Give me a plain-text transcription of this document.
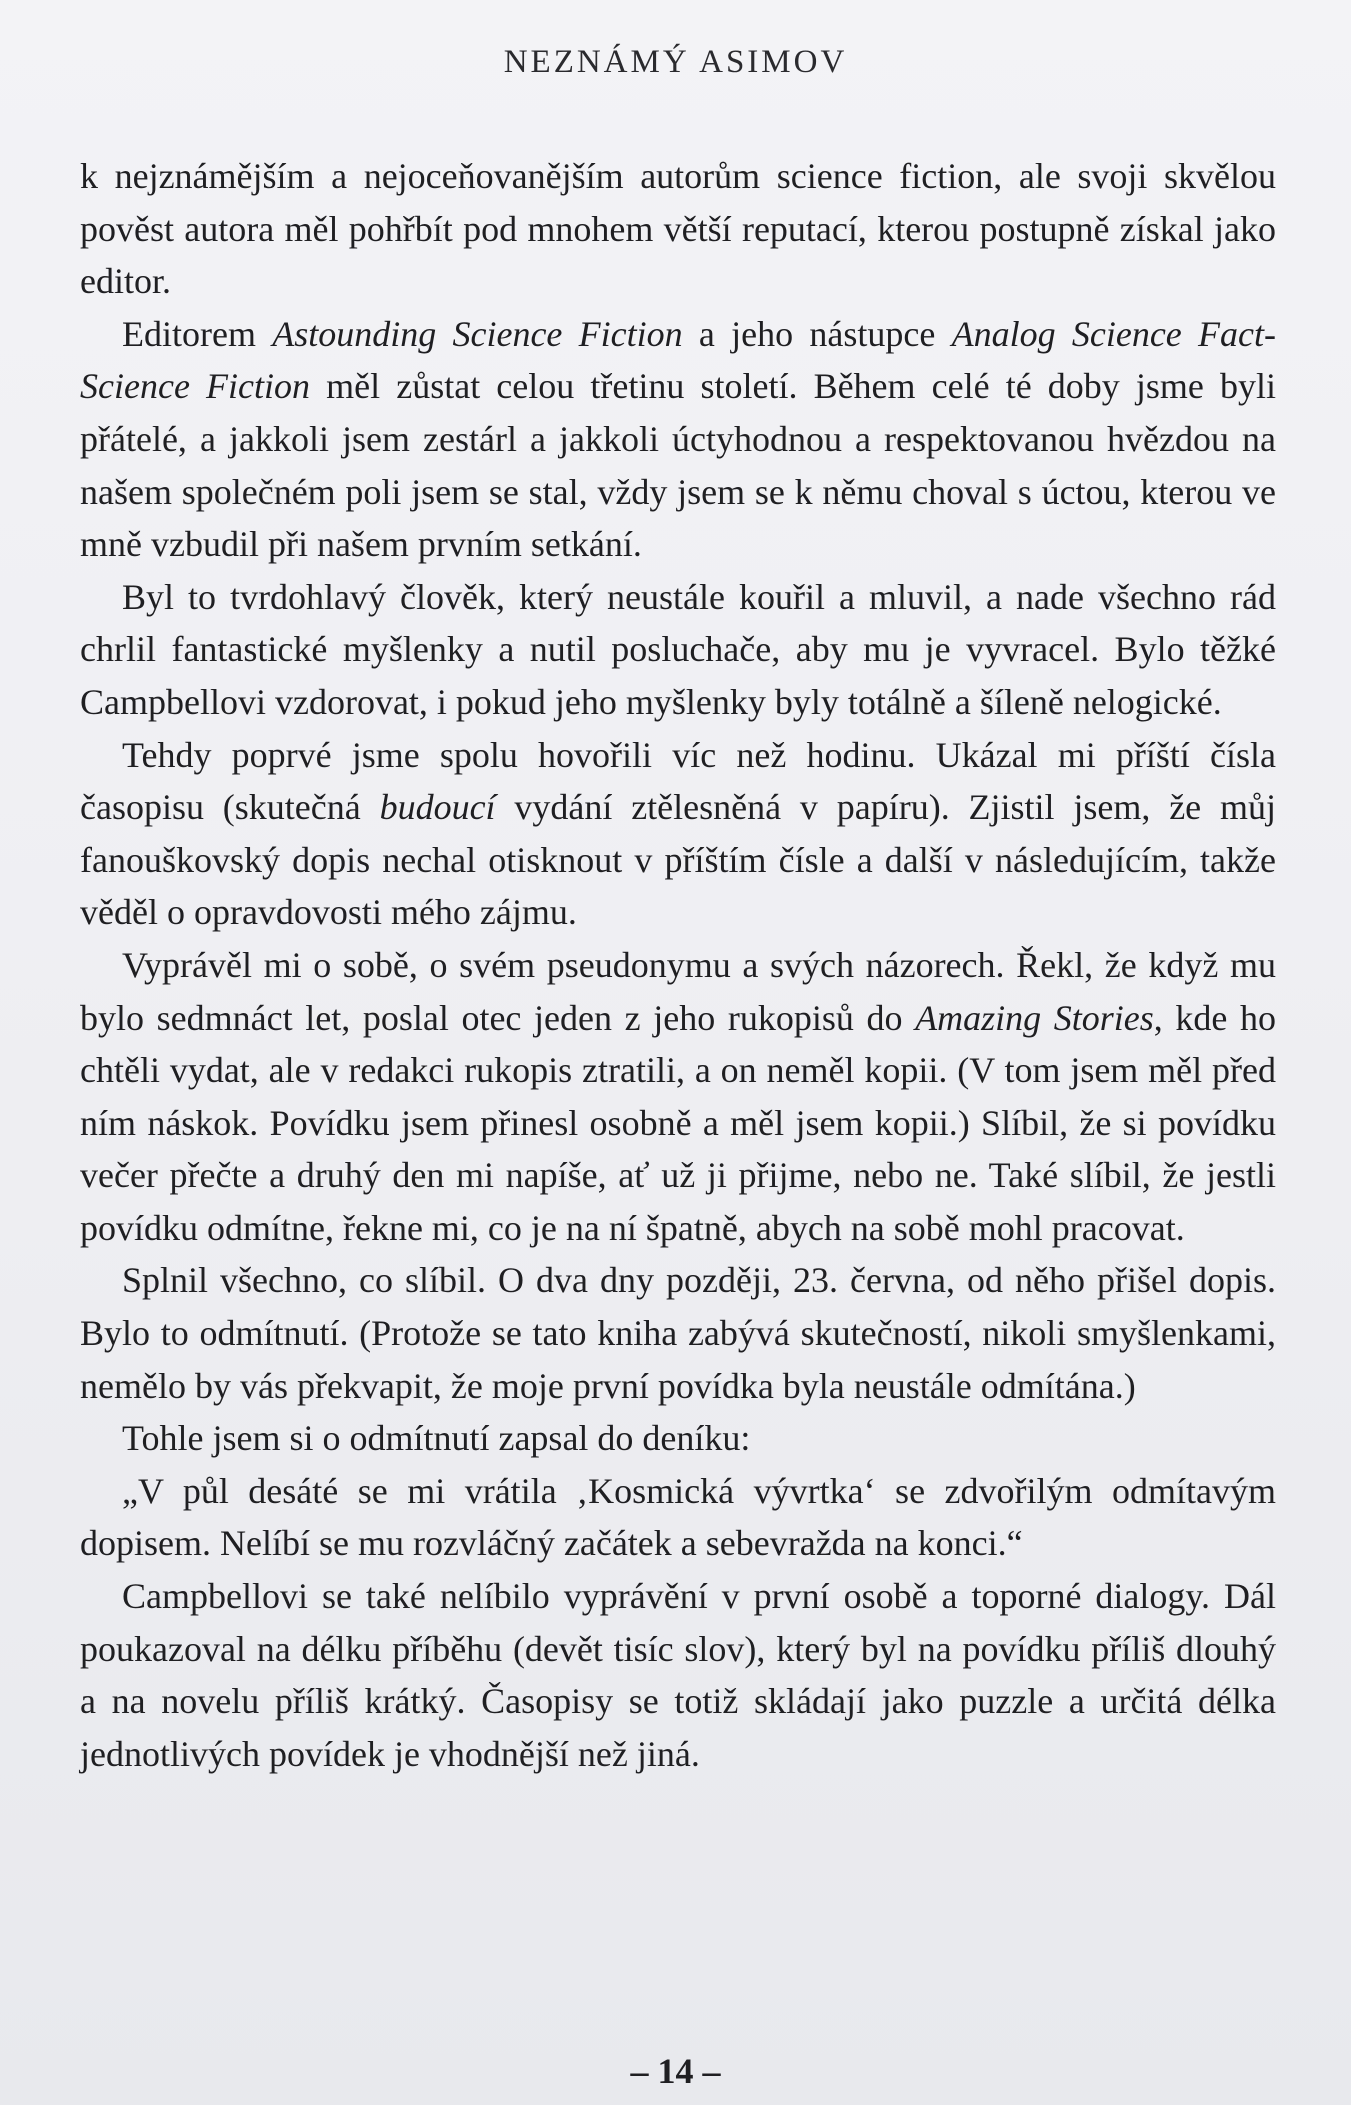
NEZNÁMÝ ASIMOV

k nejznámějším a nejoceňovanějším autorům science fiction, ale svoji skvělou pověst autora měl pohřbít pod mnohem větší reputací, kterou postupně získal jako editor.

Editorem Astounding Science Fiction a jeho nástupce Analog Science Fact-Science Fiction měl zůstat celou třetinu století. Během celé té doby jsme byli přátelé, a jakkoli jsem zestárl a jakkoli úctyhodnou a respektovanou hvězdou na našem společném poli jsem se stal, vždy jsem se k němu choval s úctou, kterou ve mně vzbudil při našem prvním setkání.

Byl to tvrdohlavý člověk, který neustále kouřil a mluvil, a nade všechno rád chrlil fantastické myšlenky a nutil posluchače, aby mu je vyvracel. Bylo těžké Campbellovi vzdorovat, i pokud jeho myšlenky byly totálně a šíleně nelogické.

Tehdy poprvé jsme spolu hovořili víc než hodinu. Ukázal mi příští čísla časopisu (skutečná budoucí vydání ztělesněná v papíru). Zjistil jsem, že můj fanouškovský dopis nechal otisknout v příštím čísle a další v následujícím, takže věděl o opravdovosti mého zájmu.

Vyprávěl mi o sobě, o svém pseudonymu a svých názorech. Řekl, že když mu bylo sedmnáct let, poslal otec jeden z jeho rukopisů do Amazing Stories, kde ho chtěli vydat, ale v redakci rukopis ztratili, a on neměl kopii. (V tom jsem měl před ním náskok. Povídku jsem přinesl osobně a měl jsem kopii.) Slíbil, že si povídku večer přečte a druhý den mi napíše, ať už ji přijme, nebo ne. Také slíbil, že jestli povídku odmítne, řekne mi, co je na ní špatně, abych na sobě mohl pracovat.

Splnil všechno, co slíbil. O dva dny později, 23. června, od něho přišel dopis. Bylo to odmítnutí. (Protože se tato kniha zabývá skutečností, nikoli smyšlenkami, nemělo by vás překvapit, že moje první povídka byla neustále odmítána.)

Tohle jsem si o odmítnutí zapsal do deníku:

„V půl desáté se mi vrátila ‚Kosmická vývrtka‘ se zdvořilým odmítavým dopisem. Nelíbí se mu rozvláčný začátek a sebevražda na konci.“

Campbellovi se také nelíbilo vyprávění v první osobě a toporné dialogy. Dál poukazoval na délku příběhu (devět tisíc slov), který byl na povídku příliš dlouhý a na novelu příliš krátký. Časopisy se totiž skládají jako puzzle a určitá délka jednotlivých povídek je vhodnější než jiná.

– 14 –
